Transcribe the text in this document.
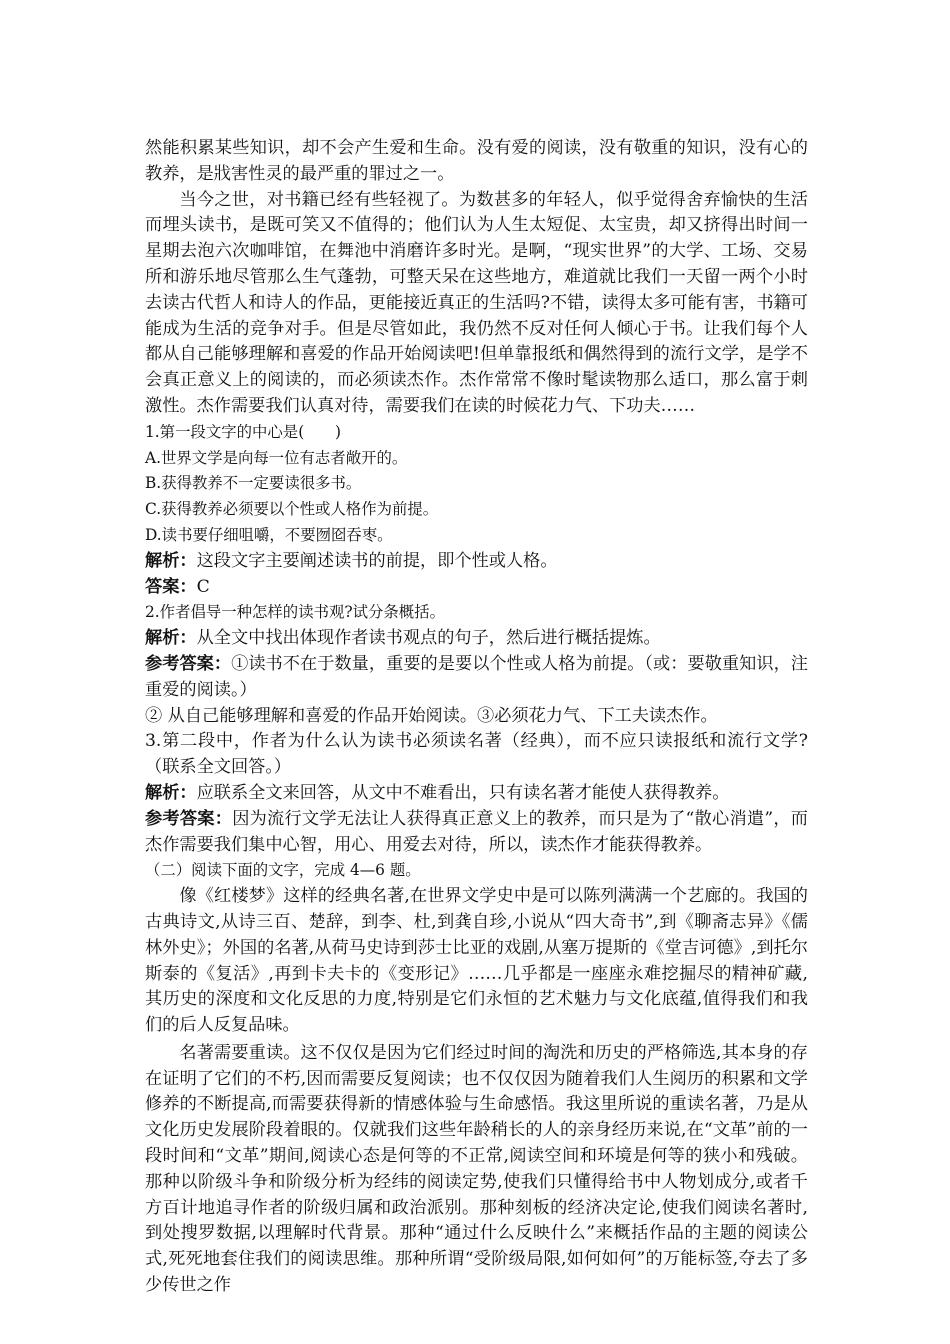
然能积累某些知识，却不会产生爱和生命。没有爱的阅读，没有敬重的知识，没有心的教养，是戕害性灵的最严重的罪过之一。

当今之世，对书籍已经有些轻视了。为数甚多的年轻人，似乎觉得舍弃愉快的生活而埋头读书，是既可笑又不值得的；他们认为人生太短促、太宝贵，却又挤得出时间一星期去泡六次咖啡馆，在舞池中消磨许多时光。是啊，“现实世界”的大学、工场、交易所和游乐地尽管那么生气蓬勃，可整天呆在这些地方，难道就比我们一天留一两个小时去读古代哲人和诗人的作品，更能接近真正的生活吗?不错，读得太多可能有害，书籍可能成为生活的竞争对手。但是尽管如此，我仍然不反对任何人倾心于书。让我们每个人都从自己能够理解和喜爱的作品开始阅读吧!但单靠报纸和偶然得到的流行文学，是学不会真正意义上的阅读的，而必须读杰作。杰作常常不像时髦读物那么适口，那么富于刺激性。杰作需要我们认真对待，需要我们在读的时候花力气、下功夫……

1.第一段文字的中心是(　　)

A.世界文学是向每一位有志者敞开的。

B.获得教养不一定要读很多书。

C.获得教养必须要以个性或人格作为前提。

D.读书要仔细咀嚼，不要囫囵吞枣。

解析：这段文字主要阐述读书的前提，即个性或人格。

答案：C

2.作者倡导一种怎样的读书观?试分条概括。

解析：从全文中找出体现作者读书观点的句子，然后进行概括提炼。

参考答案：①读书不在于数量，重要的是要以个性或人格为前提。（或：要敬重知识，注重爱的阅读。）

② 从自己能够理解和喜爱的作品开始阅读。③必须花力气、下工夫读杰作。

3.第二段中，作者为什么认为读书必须读名著（经典），而不应只读报纸和流行文学?（联系全文回答。）

解析：应联系全文来回答，从文中不难看出，只有读名著才能使人获得教养。

参考答案：因为流行文学无法让人获得真正意义上的教养，而只是为了“散心消遣”，而杰作需要我们集中心智，用心、用爱去对待，所以，读杰作才能获得教养。

（二）阅读下面的文字，完成 4—6 题。

像《红楼梦》这样的经典名著,在世界文学史中是可以陈列满满一个艺廊的。我国的古典诗文,从诗三百、楚辞，到李、杜,到龚自珍,小说从“四大奇书”,到《聊斋志异》《儒林外史》；外国的名著,从荷马史诗到莎士比亚的戏剧,从塞万提斯的《堂吉诃德》,到托尔斯泰的《复活》,再到卡夫卡的《变形记》……几乎都是一座座永难挖掘尽的精神矿藏,其历史的深度和文化反思的力度,特别是它们永恒的艺术魅力与文化底蕴,值得我们和我们的后人反复品味。

名著需要重读。这不仅仅是因为它们经过时间的淘洗和历史的严格筛选,其本身的存在证明了它们的不朽,因而需要反复阅读；也不仅仅因为随着我们人生阅历的积累和文学修养的不断提高,而需要获得新的情感体验与生命感悟。我这里所说的重读名著，乃是从文化历史发展阶段着眼的。仅就我们这些年龄稍长的人的亲身经历来说,在“文革”前的一段时间和“文革”期间,阅读心态是何等的不正常,阅读空间和环境是何等的狭小和残破。那种以阶级斗争和阶级分析为经纬的阅读定势,使我们只懂得给书中人物划成分,或者千方百计地追寻作者的阶级归属和政治派别。那种刻板的经济决定论,使我们阅读名著时,到处搜罗数据,以理解时代背景。那种“通过什么反映什么”来概括作品的主题的阅读公式,死死地套住我们的阅读思维。那种所谓“受阶级局限,如何如何”的万能标签,夺去了多少传世之作
